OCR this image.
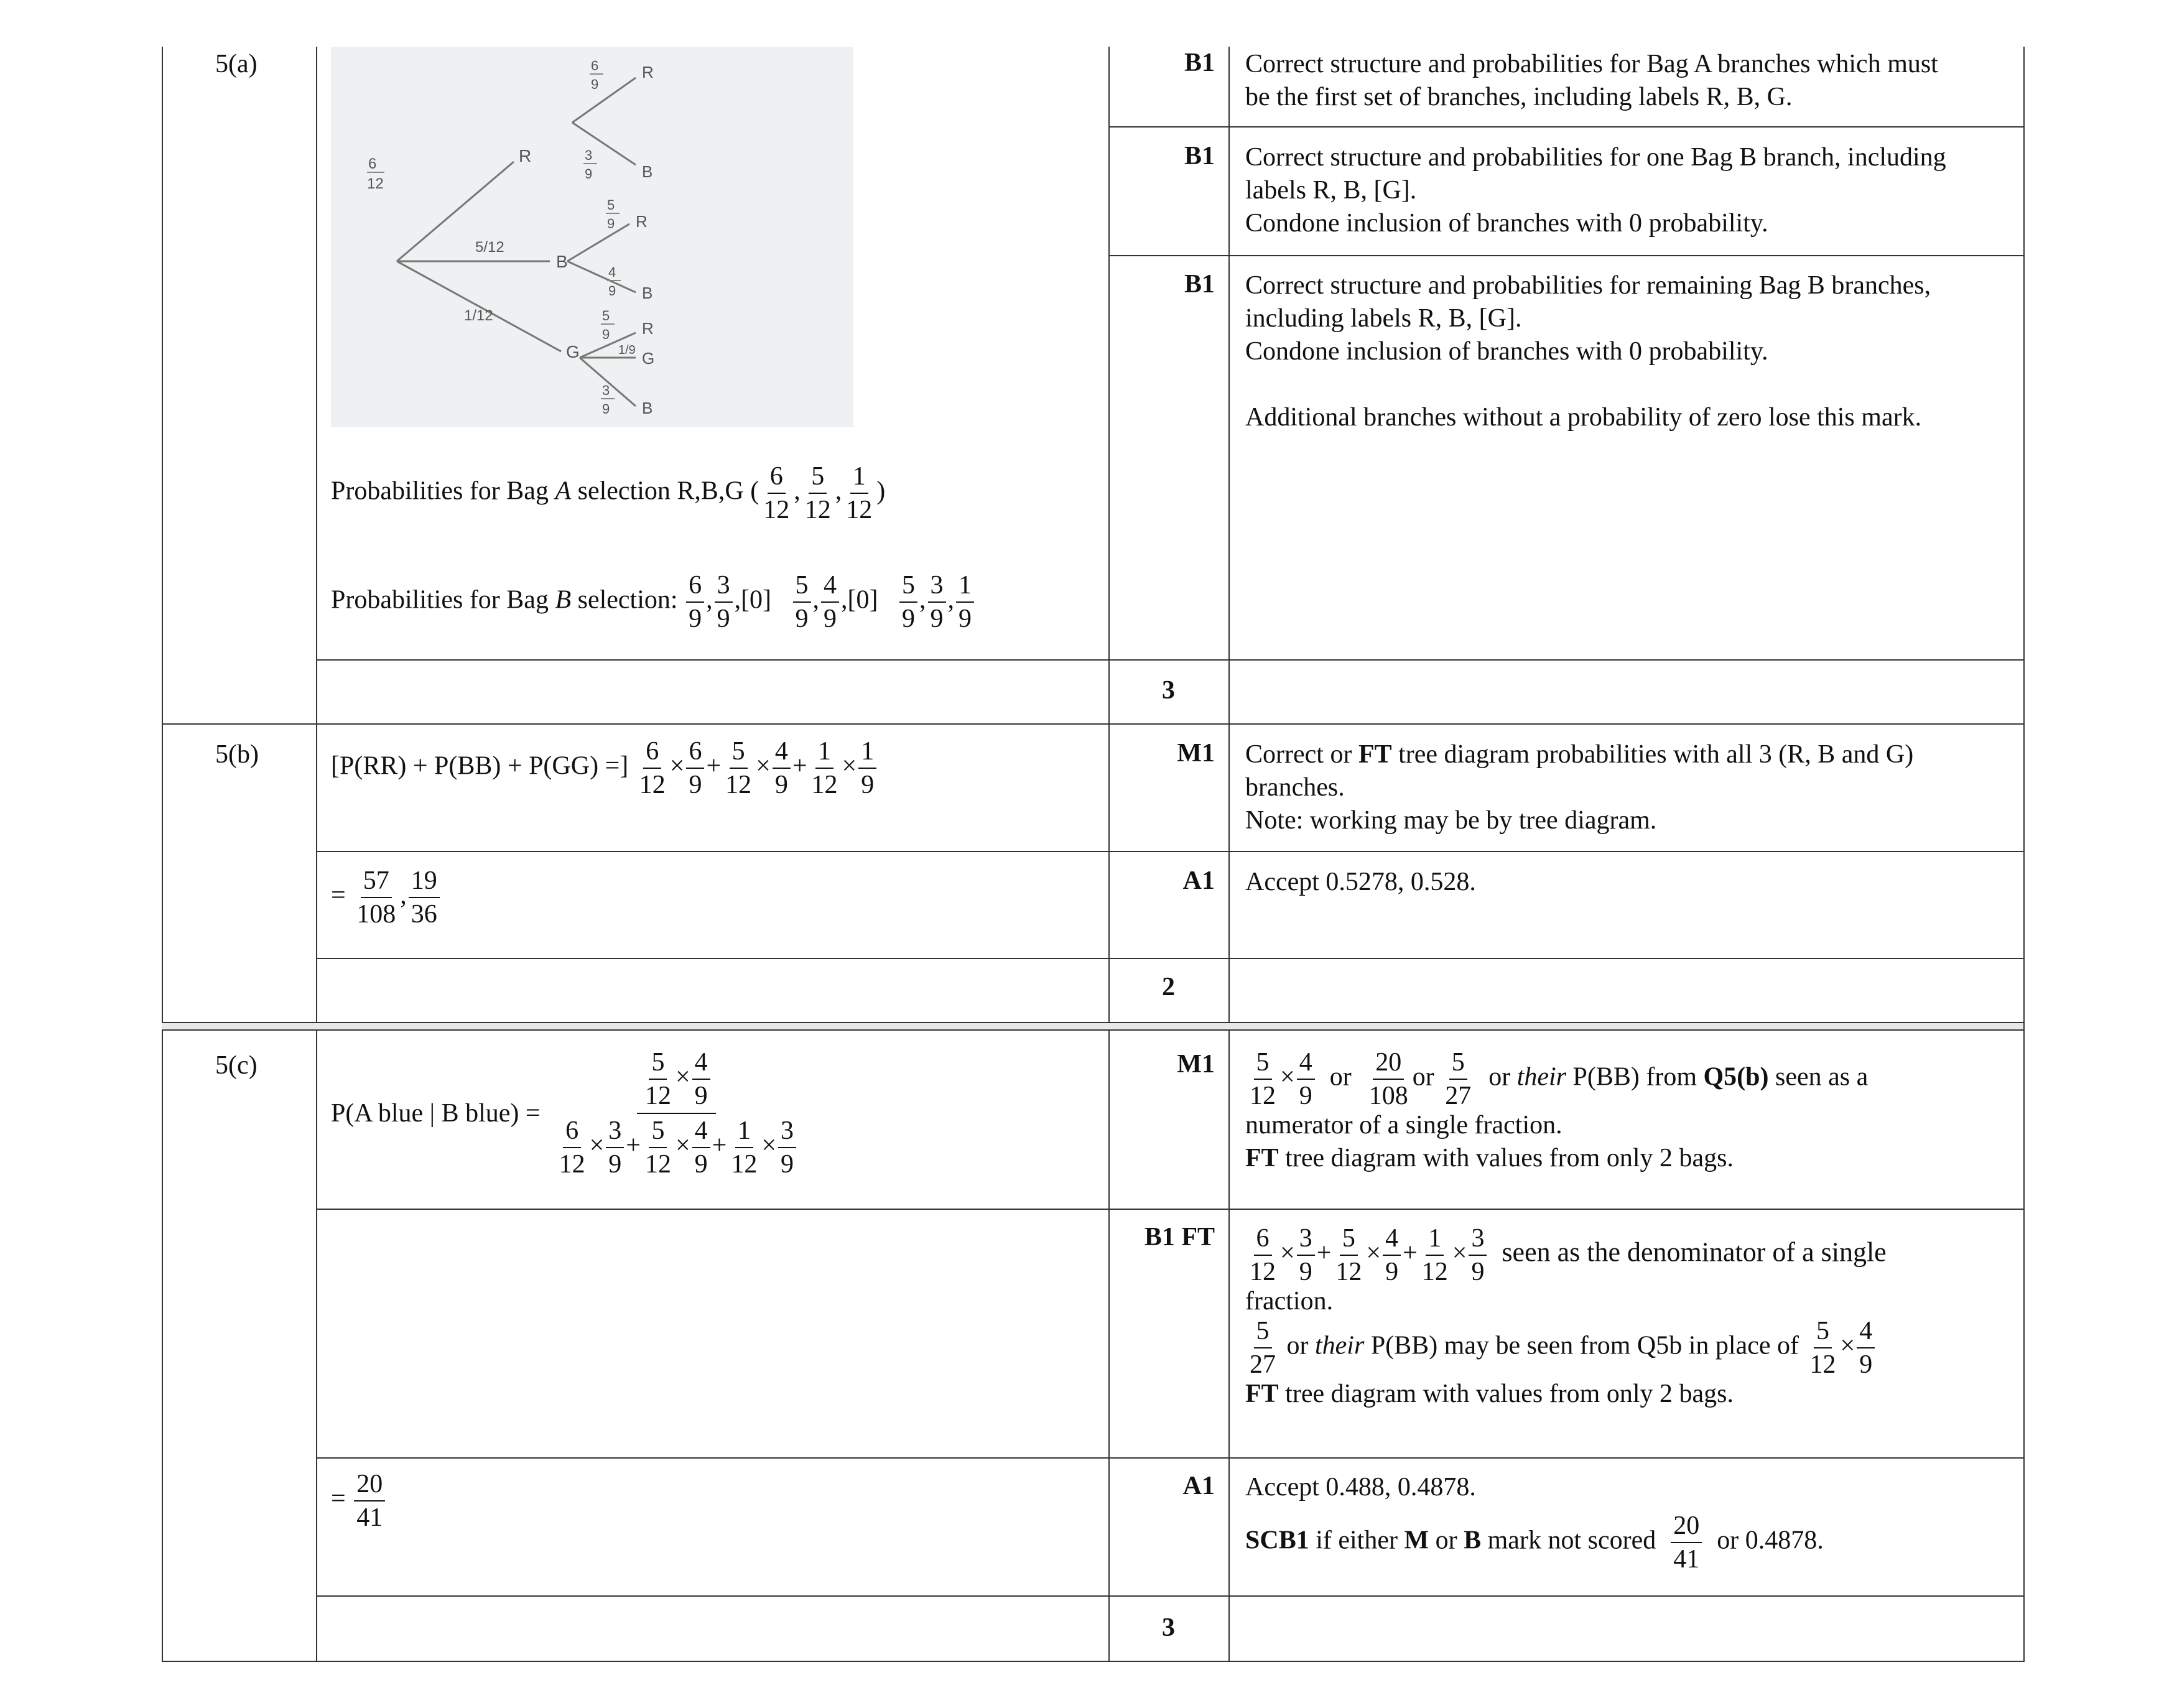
5(a)
R
B
G
6
12
5/12
1/12
R
B
6
9
3
9
R
B
5
9
4
9
R
G
B
5
9
1/9
3
9
Probabilities for Bag A selection R,B,G ( $\frac{6}{12}$ , $\frac{5}{12}$ , $\frac{1}{12}$ )
Probabilities for Bag B selection: $\frac{6}{9}$ , $\frac{3}{9} ,[0] \frac{5}{9}$ , $\frac{4}{9} ,[0] \frac{5}{9}$ , $\frac{3}{9}$ , $\frac{1}{9}$
B1
B1
B1
3
Correct structure and probabilities for Bag A branches which must
be the first set of branches, including labels R, B, G.
Correct structure and probabilities for one Bag B branch, including
labels R, B, [G].
Condone inclusion of branches with 0 probability.
Correct structure and probabilities for remaining Bag B branches,
including labels R, B, [G].
Condone inclusion of branches with 0 probability.
Additional branches without a probability of zero lose this mark.
5(b)	[P(RR) + P(BB) + P(GG) =] $\frac{6}{12} \times \frac{6}{9} + \frac{5}{12} \times \frac{4}{9} + \frac{1}{12} \times \frac{1}{9}$
= $\frac{57}{108}$ , $\frac{19}{36}$
M1
A1
2
Correct or FT tree diagram probabilities with all 3 (R, B and G)
branches.
Note: working may be by tree diagram.
Accept 0.5278, 0.528.
5(c)
P(A blue | B blue) = $\frac{\frac{5}{12} \times \frac{4}{9}}{\frac{6}{12} \times \frac{3}{9} + \frac{5}{12} \times \frac{4}{9} + \frac{1}{12} \times \frac{3}{9}}$
= $\frac{20}{41}$
M1
B1 FT
A1
3
$\frac{5}{12} \times \frac{4}{9}$ or $\frac{20}{108}$ or $\frac{5}{27}$ or their P(BB) from Q5(b) seen as a
numerator of a single fraction.
FT tree diagram with values from only 2 bags.
$\frac{6}{12} \times \frac{3}{9} + \frac{5}{12} \times \frac{4}{9} + \frac{1}{12} \times \frac{3}{9}$ seen as the denominator of a single
fraction.
$\frac{5}{27}$ or their P(BB) may be seen from Q5b in place of $\frac{5}{12} \times \frac{4}{9}$
FT tree diagram with values from only 2 bags.
Accept 0.488, 0.4878.
SCB1 if either M or B mark not scored $\frac{20}{41}$ or 0.4878.
